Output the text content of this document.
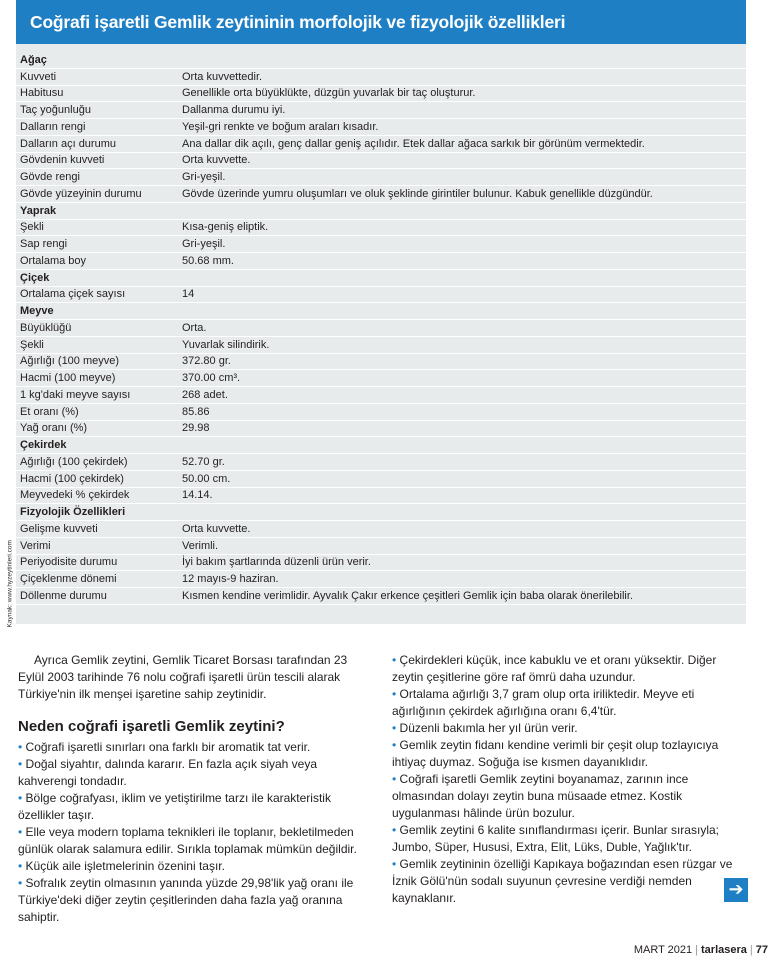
Coğrafi işaretli Gemlik zeytininin morfolojik ve fizyolojik özellikleri
Ağaç
Kuvveti	Orta kuvvettedir.
Habitusu	Genellikle orta büyüklükte, düzgün yuvarlak bir taç oluşturur.
Taç yoğunluğu	Dallanma durumu iyi.
Dalların rengi	Yeşil-gri renkte ve boğum araları kısadır.
Dalların açı durumu	Ana dallar dik açılı, genç dallar geniş açılıdır. Etek dallar ağaca sarkık bir görünüm vermektedir.
Gövdenin kuvveti	Orta kuvvette.
Gövde rengi	Gri-yeşil.
Gövde yüzeyinin durumu	Gövde üzerinde yumru oluşumları ve oluk şeklinde girintiler bulunur. Kabuk genellikle düzgündür.
Yaprak
Şekli	Kısa-geniş eliptik.
Sap rengi	Gri-yeşil.
Ortalama boy	50.68 mm.
Çiçek
Ortalama çiçek sayısı	14
Meyve
Büyüklüğü	Orta.
Şekli	Yuvarlak silindirik.
Ağırlığı (100 meyve)	372.80 gr.
Hacmi (100 meyve)	370.00 cm³.
1 kg'daki meyve sayısı	268 adet.
Et oranı (%)	85.86
Yağ oranı (%)	29.98
Çekirdek
Ağırlığı (100 çekirdek)	52.70 gr.
Hacmi (100 çekirdek)	50.00 cm.
Meyvedeki % çekirdek	14.14.
Fizyolojik Özellikleri
Gelişme kuvveti	Orta kuvvette.
Verimi	Verimli.
Periyodisite durumu	İyi bakım şartlarında düzenli ürün verir.
Çiçeklenme dönemi	12 mayıs-9 haziran.
Döllenme durumu	Kısmen kendine verimlidir. Ayvalık Çakır erkence çeşitleri Gemlik için baba olarak önerilebilir.
Kaynak: www.hyzeytinleri.com

Ayrıca Gemlik zeytini, Gemlik Ticaret Borsası tarafından 23 Eylül 2003 tarihinde 76 nolu coğrafi işaretli ürün tescili alarak Türkiye'nin ilk menşei işaretine sahip zeytinidir.

Neden coğrafi işaretli Gemlik zeytini?

• Coğrafi işaretli sınırları ona farklı bir aromatik tat verir.

• Doğal siyahtır, dalında kararır. En fazla açık siyah veya kahverengi tondadır.

• Bölge coğrafyası, iklim ve yetiştirilme tarzı ile karakteristik özellikler taşır.

• Elle veya modern toplama teknikleri ile toplanır, bekletilmeden günlük olarak salamura edilir. Sırıkla toplamak mümkün değildir.

• Küçük aile işletmelerinin özenini taşır.

• Sofralık zeytin olmasının yanında yüzde 29,98'lik yağ oranı ile Türkiye'deki diğer zeytin çeşitlerinden daha fazla yağ oranına sahiptir.

• Çekirdekleri küçük, ince kabuklu ve et oranı yüksektir. Diğer zeytin çeşitlerine göre raf ömrü daha uzundur.

• Ortalama ağırlığı 3,7 gram olup orta iriliktedir. Meyve eti ağırlığının çekirdek ağırlığına oranı 6,4'tür.

• Düzenli bakımla her yıl ürün verir.

• Gemlik zeytin fidanı kendine verimli bir çeşit olup tozlayıcıya ihtiyaç duymaz. Soğuğa ise kısmen dayanıklıdır.

• Coğrafi işaretli Gemlik zeytini boyanamaz, zarının ince olmasından dolayı zeytin buna müsaade etmez. Kostik uygulanması hâlinde ürün bozulur.

• Gemlik zeytini 6 kalite sınıflandırması içerir. Bunlar sırasıyla; Jumbo, Süper, Hususi, Extra, Elit, Lüks, Duble, Yağlık'tır.

• Gemlik zeytininin özelliği Kapıkaya boğazından esen rüzgar ve İznik Gölü'nün sodalı suyunun çevresine verdiği nemden kaynaklanır.	➔
MART 2021 | tarlasera | 77
